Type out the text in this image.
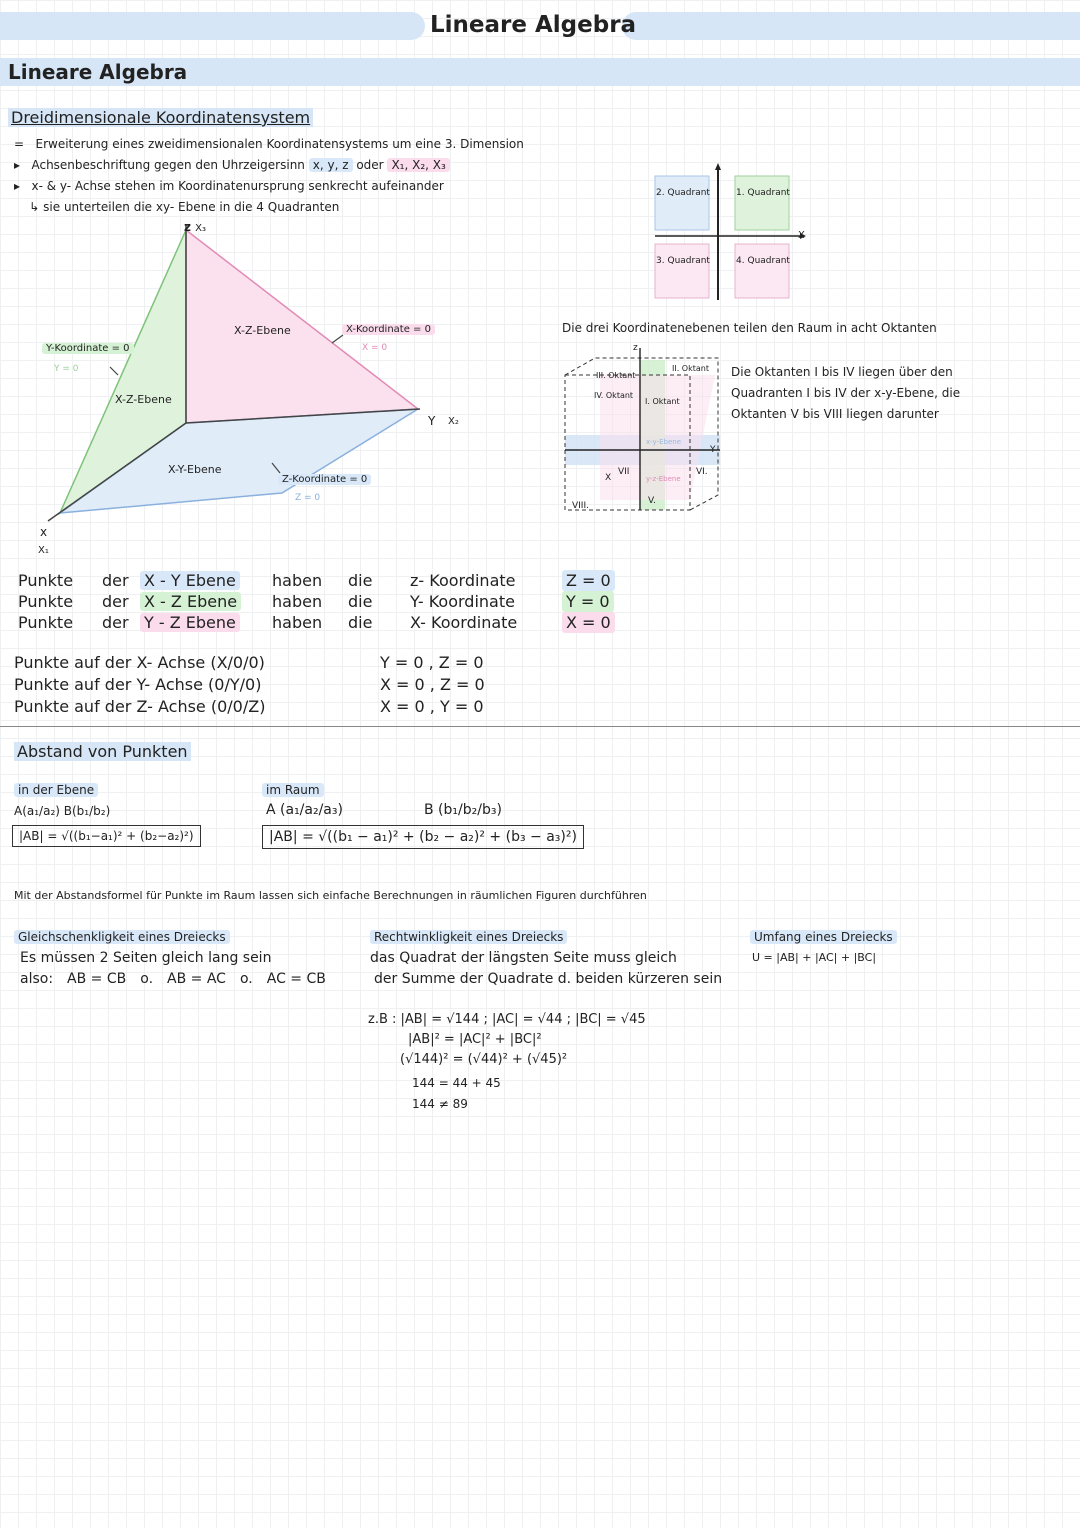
Lineare Algebra
Lineare Algebra
Dreidimensionale Koordinatensystem
=   Erweiterung eines zweidimensionalen Koordinatensystems um eine 3. Dimension
▸   Achsenbeschriftung gegen den Uhrzeigersinn x, y, z oder X₁, X₂, X₃
▸   x- & y- Achse stehen im Koordinatenursprung senkrecht aufeinander
↳ sie unterteilen die xy- Ebene in die 4 Quadranten
z X₃
x
X₁
Y X₂
X-Z-Ebene
X-Z-Ebene
X-Y-Ebene
Y-Koordinate = 0
Y = 0
X-Koordinate = 0
X = 0
Z-Koordinate = 0
Z = 0
2. Quadrant	1. Quadrant
3. Quadrant	4. Quadrant
X
Die drei Koordinatenebenen teilen den Raum in acht Oktanten
z
Y
X
III. Oktant
II. Oktant
I. Oktant
IV. Oktant
VII
V.
VI.
VIII.
x-y-Ebene
y-z-Ebene
Die Oktanten I bis IV liegen über den Quadranten I bis IV der x-y-Ebene, die Oktanten V bis VIII liegen darunter
Punkte	der X - Y Ebene	haben	die	z- Koordinate	Z = 0
Punkte	der X - Z Ebene	haben	die	Y- Koordinate	Y = 0
Punkte	der Y - Z Ebene	haben	die	X- Koordinate	X = 0
Punkte auf der X- Achse (X/0/0)	Y = 0 , Z = 0
Punkte auf der Y- Achse (0/Y/0)	X = 0 , Z = 0
Punkte auf der Z- Achse (0/0/Z)	X = 0 , Y = 0
Abstand von Punkten
in der Ebene
A(a₁/a₂) B(b₁/b₂)
|AB| = √((b₁−a₁)² + (b₂−a₂)²)
im Raum
A (a₁/a₂/a₃)	B (b₁/b₂/b₃)
|AB| = √((b₁ − a₁)² + (b₂ − a₂)² + (b₃ − a₃)²)
Mit der Abstandsformel für Punkte im Raum lassen sich einfache Berechnungen in räumlichen Figuren durchführen
Gleichschenkligkeit eines Dreiecks
Es müssen 2 Seiten gleich lang sein
also: AB = CB o. AB = AC o. AC = CB
Rechtwinkligkeit eines Dreiecks
das Quadrat der längsten Seite muss gleich
der Summe der Quadrate d. beiden kürzeren sein
z.B : |AB| = √144 ; |AC| = √44 ; |BC| = √45
|AB|² = |AC|² + |BC|²
(√144)² = (√44)² + (√45)²
144 = 44 + 45
144 ≠ 89
Umfang eines Dreiecks
U = |AB| + |AC| + |BC|
